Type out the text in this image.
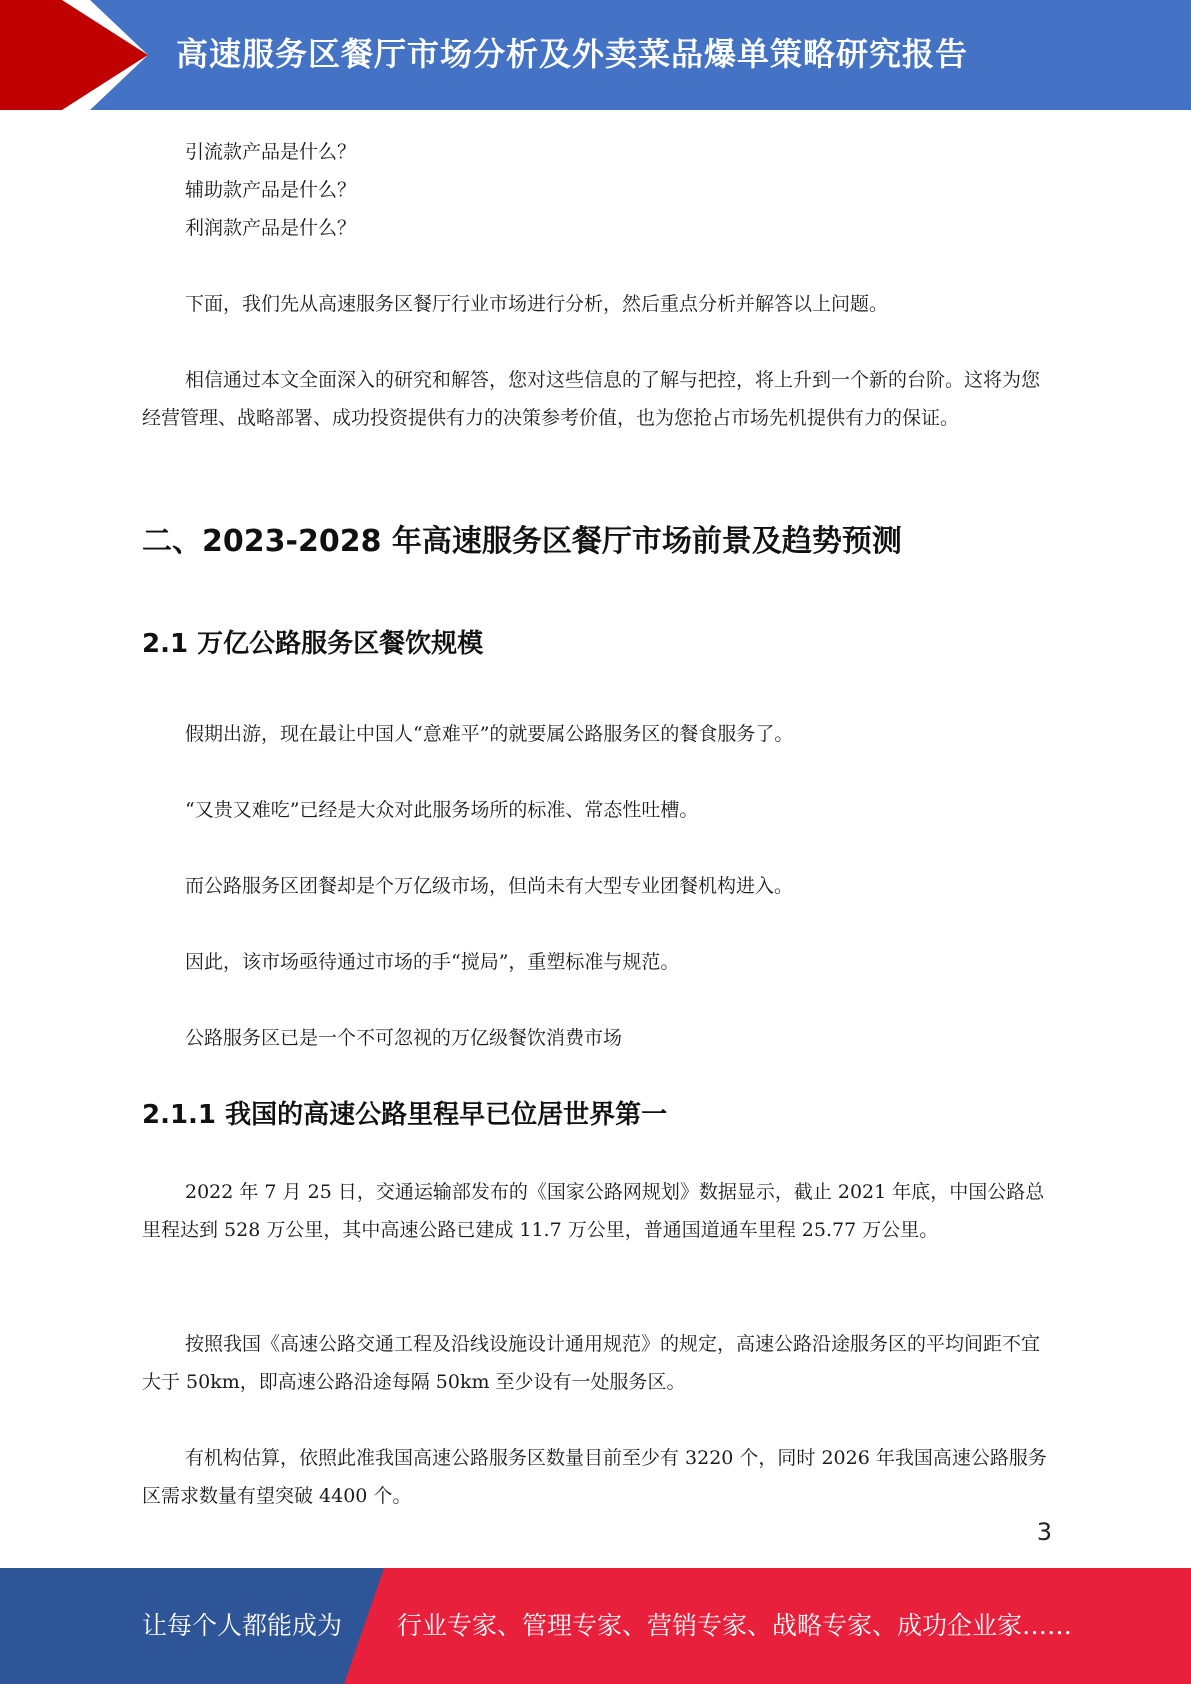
高速服务区餐厅市场分析及外卖菜品爆单策略研究报告

引流款产品是什么？

辅助款产品是什么？

利润款产品是什么？

下面，我们先从高速服务区餐厅行业市场进行分析，然后重点分析并解答以上问题。

相信通过本文全面深入的研究和解答，您对这些信息的了解与把控，将上升到一个新的台阶。这将为您经营管理、战略部署、成功投资提供有力的决策参考价值，也为您抢占市场先机提供有力的保证。

二、2023-2028 年高速服务区餐厅市场前景及趋势预测
2.1 万亿公路服务区餐饮规模

假期出游，现在最让中国人“意难平”的就要属公路服务区的餐食服务了。

“又贵又难吃”已经是大众对此服务场所的标准、常态性吐槽。

而公路服务区团餐却是个万亿级市场，但尚未有大型专业团餐机构进入。

因此，该市场亟待通过市场的手“搅局”，重塑标准与规范。

公路服务区已是一个不可忽视的万亿级餐饮消费市场

2.1.1 我国的高速公路里程早已位居世界第一

2022 年 7 月 25 日，交通运输部发布的《国家公路网规划》数据显示，截止 2021 年底，中国公路总里程达到 528 万公里，其中高速公路已建成 11.7 万公里，普通国道通车里程 25.77 万公里。

按照我国《高速公路交通工程及沿线设施设计通用规范》的规定，高速公路沿途服务区的平均间距不宜大于 50km，即高速公路沿途每隔 50km 至少设有一处服务区。

有机构估算，依照此准我国高速公路服务区数量目前至少有 3220 个，同时 2026 年我国高速公路服务区需求数量有望突破 4400 个。

3
让每个人都能成为 行业专家、管理专家、营销专家、战略专家、成功企业家……
